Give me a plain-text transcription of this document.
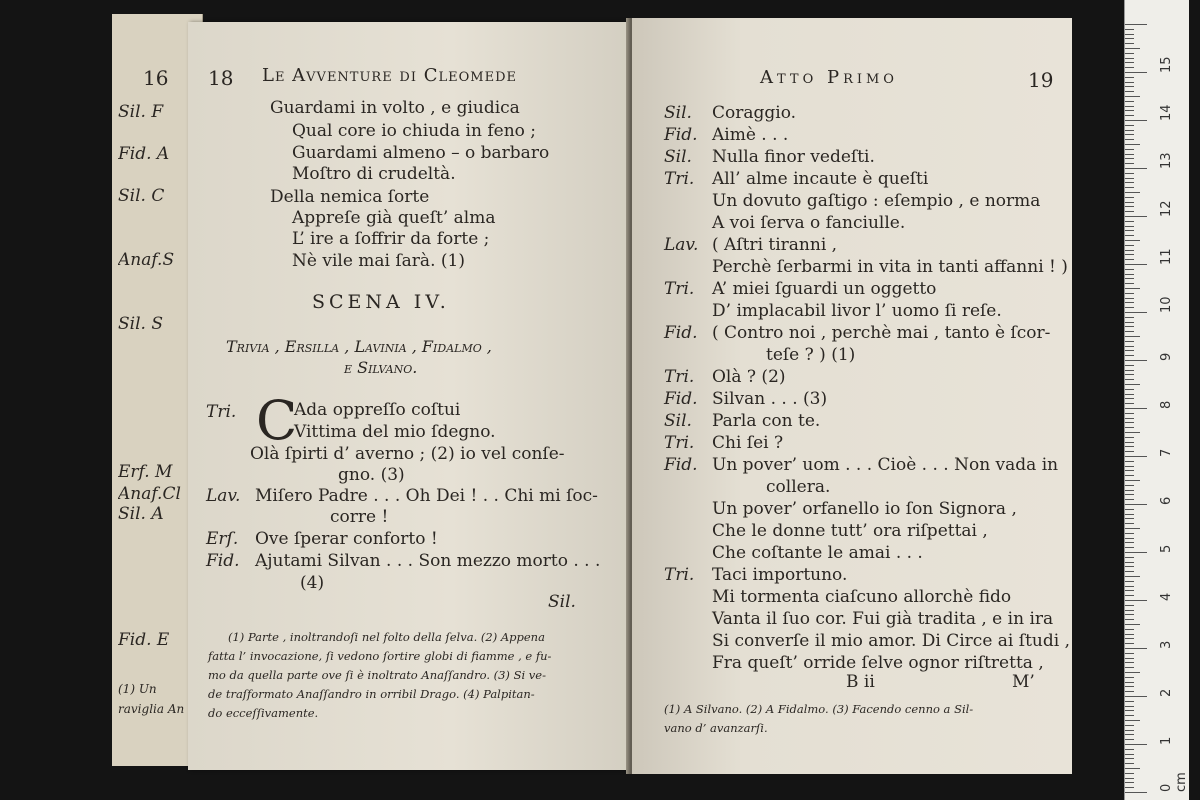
16
Sil. F
Fid. A
Sil. C
Anaf.S
Sil. S
Erf. M
Anaf.Cl
Sil. A
Fid. E
(1) Un
raviglia An
18 Le Avventure di Cleomede
Guardami in volto , e giudica
Qual core io chiuda in feno ;
Guardami almeno – o barbaro
Moſtro di crudeltà.
Della nemica ſorte
Appreſe già queſt’ alma
L’ ire a ſoffrir da forte ;
Nè vile mai ſarà. (1)
SCENA IV.
Trivia , Ersilla , Lavinia , Fidalmo ,
e Silvano.
Tri. C
Ada oppreſſo coſtui
Vittima del mio ſdegno.
Olà ſpirti d’ averno ; (2) io vel conſe-
gno. (3)
Lav. Miſero Padre . . . Oh Dei ! . . Chi mi ſoc-
corre !
Erſ. Ove ſperar conforto !
Fid. Ajutami Silvan . . . Son mezzo morto . . .
(4)
Sil.
(1) Parte , inoltrandoſi nel folto della ſelva. (2) Appena
fatta l’ invocazione, ſi vedono ſortire globi di fiamme , e fu-
mo da quella parte ove ſi è inoltrato Anaſſandro. (3) Si ve-
de traſformato Anaſſandro in orribil Drago. (4) Palpitan-
do ecceſſivamente.
Atto Primo	19
Sil. Coraggio.
Fid. Aimè . . .
Sil. Nulla finor vedeſti.
Tri. All’ alme incaute è queſti
Un dovuto gaſtigo : eſempio , e norma
A voi ſerva o fanciulle.
Lav. ( Aſtri tiranni ,
Perchè ſerbarmi in vita in tanti affanni ! )
Tri. A’ miei ſguardi un oggetto
D’ implacabil livor l’ uomo ſi reſe.
Fid. ( Contro noi , perchè mai , tanto è ſcor-
teſe ? ) (1)
Tri. Olà ? (2)
Fid. Silvan . . . (3)
Sil. Parla con te.
Tri. Chi ſei ?
Fid. Un pover’ uom . . . Cioè . . . Non vada in
collera.
Un pover’ orfanello io ſon Signora ,
Che le donne tutt’ ora riſpettai ,
Che coſtante le amai . . .
Tri. Taci importuno.
Mi tormenta ciaſcuno allorchè fido
Vanta il ſuo cor. Fui già tradita , e in ira
Si converſe il mio amor. Di Circe ai ſtudi ,
Fra queſt’ orride ſelve ognor riſtretta ,
B ii	M’
(1) A Silvano. (2) A Fidalmo. (3) Facendo cenno a Sil-
vano d’ avanzarſi.
0 cm
1
2
3
4
5
6
7
8
9
10
11
12
13
14
15
